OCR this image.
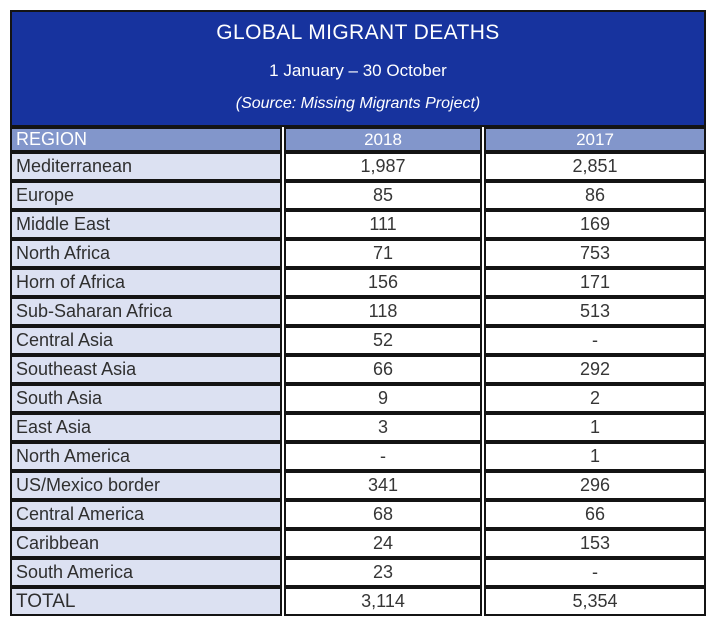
GLOBAL MIGRANT DEATHS
1 January – 30 October
(Source: Missing Migrants Project)		

REGION	2018	2017
Mediterranean	1,987	2,851
Europe	85	86
Middle East	111	169
North Africa	71	753
Horn of Africa	156	171
Sub-Saharan Africa	118	513
Central Asia	52	-
Southeast Asia	66	292
South Asia	9	2
East Asia	3	1
North America	-	1
US/Mexico border	341	296
Central America	68	66
Caribbean	24	153
South America	23	-
TOTAL	3,114	5,354
